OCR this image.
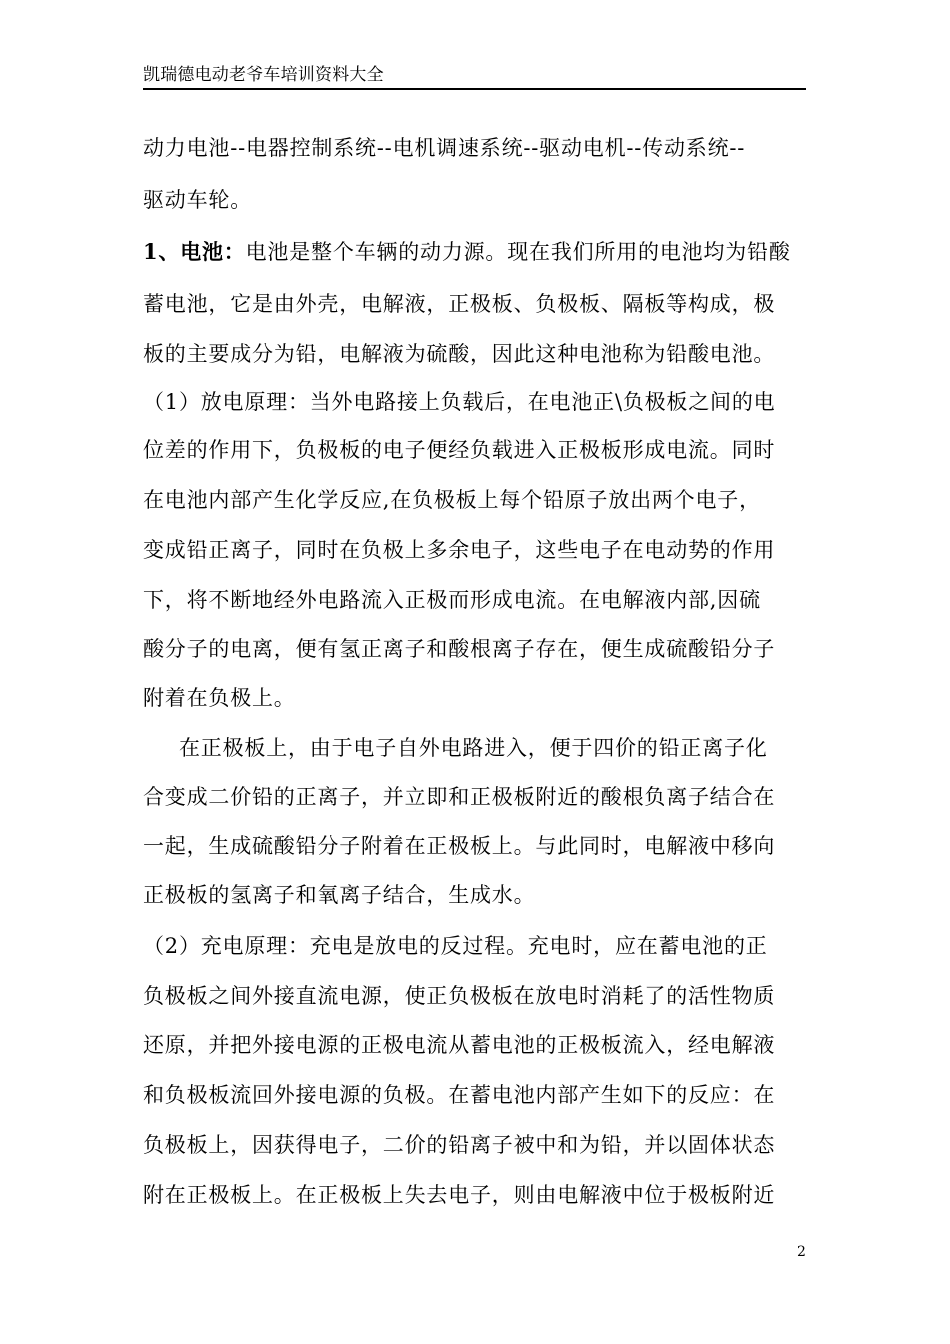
凯瑞德电动老爷车培训资料大全
动力电池--电器控制系统--电机调速系统--驱动电机--传动系统--
驱动车轮。
1、电池：电池是整个车辆的动力源。现在我们所用的电池均为铅酸
蓄电池，它是由外壳，电解液，正极板、负极板、隔板等构成，极
板的主要成分为铅，电解液为硫酸，因此这种电池称为铅酸电池。
（1）放电原理：当外电路接上负载后，在电池正\负极板之间的电
位差的作用下，负极板的电子便经负载进入正极板形成电流。同时
在电池内部产生化学反应,在负极板上每个铅原子放出两个电子，
变成铅正离子，同时在负极上多余电子，这些电子在电动势的作用
下，将不断地经外电路流入正极而形成电流。在电解液内部,因硫
酸分子的电离，便有氢正离子和酸根离子存在，便生成硫酸铅分子
附着在负极上。
在正极板上，由于电子自外电路进入，便于四价的铅正离子化
合变成二价铅的正离子，并立即和正极板附近的酸根负离子结合在
一起，生成硫酸铅分子附着在正极板上。与此同时，电解液中移向
正极板的氢离子和氧离子结合，生成水。
（2）充电原理：充电是放电的反过程。充电时，应在蓄电池的正
负极板之间外接直流电源，使正负极板在放电时消耗了的活性物质
还原，并把外接电源的正极电流从蓄电池的正极板流入，经电解液
和负极板流回外接电源的负极。在蓄电池内部产生如下的反应：在
负极板上，因获得电子，二价的铅离子被中和为铅，并以固体状态
附在正极板上。在正极板上失去电子，则由电解液中位于极板附近
2
